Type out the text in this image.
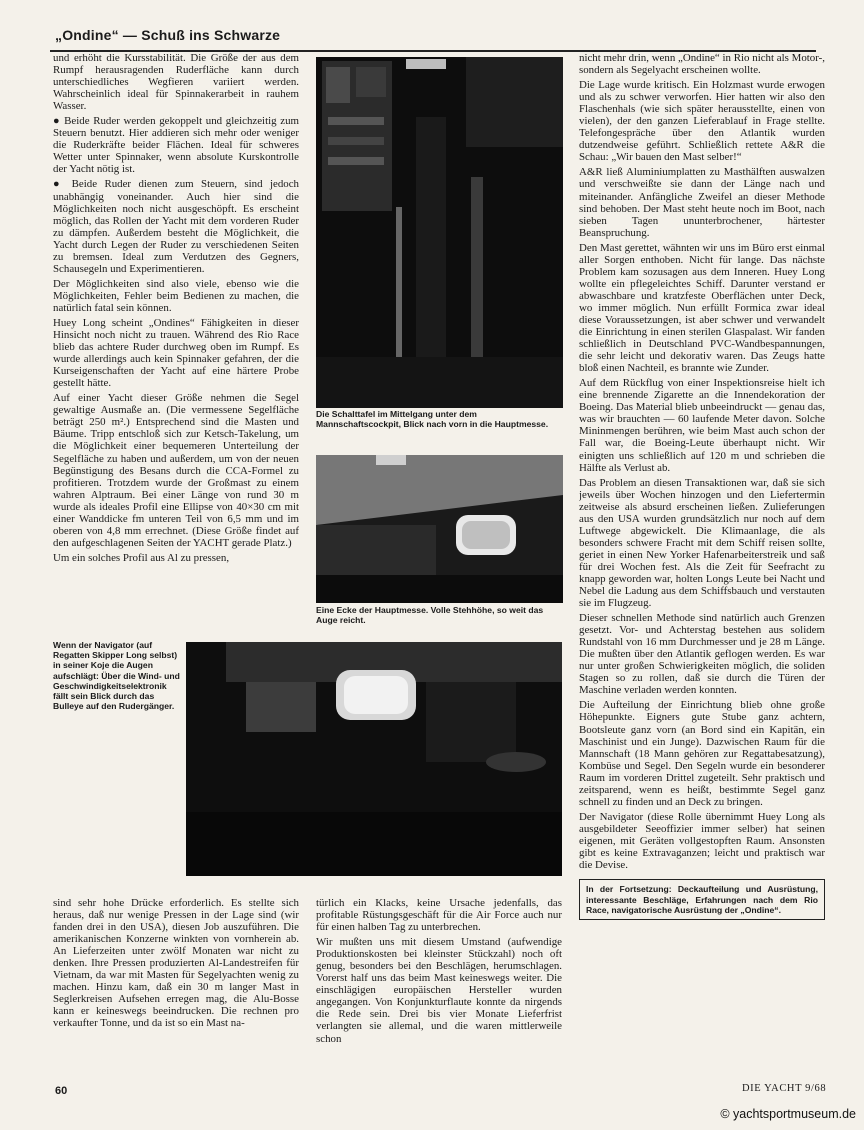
„Ondine“ — Schuß ins Schwarze

und erhöht die Kursstabilität. Die Größe der aus dem Rumpf herausragenden Ruderfläche kann durch unterschiedliches Wegfieren variiert werden. Wahrscheinlich ideal für Spinnakerarbeit in rauhem Wasser.

● Beide Ruder werden gekoppelt und gleichzeitig zum Steuern benutzt. Hier addieren sich mehr oder weniger die Ruderkräfte beider Flächen. Ideal für schweres Wetter unter Spinnaker, wenn absolute Kurskontrolle der Yacht nötig ist.

● Beide Ruder dienen zum Steuern, sind jedoch unabhängig voneinander. Auch hier sind die Möglichkeiten noch nicht ausgeschöpft. Es erscheint möglich, das Rollen der Yacht mit dem vorderen Ruder zu dämpfen. Außerdem besteht die Möglichkeit, die Yacht durch Legen der Ruder zu verschiedenen Seiten zu bremsen. Ideal zum Verdutzen des Gegners, Schausegeln und Experimentieren.

Der Möglichkeiten sind also viele, ebenso wie die Möglichkeiten, Fehler beim Bedienen zu machen, die natürlich fatal sein können.

Huey Long scheint „Ondines“ Fähigkeiten in dieser Hinsicht noch nicht zu trauen. Während des Rio Race blieb das achtere Ruder durchweg oben im Rumpf. Es wurde allerdings auch kein Spinnaker gefahren, der die Kurseigenschaften der Yacht auf eine härtere Probe gestellt hätte.

Auf einer Yacht dieser Größe nehmen die Segel gewaltige Ausmaße an. (Die vermessene Segelfläche beträgt 250 m².) Entsprechend sind die Masten und Bäume. Tripp entschloß sich zur Ketsch-Takelung, um die Möglichkeit einer bequemeren Unterteilung der Segelfläche zu haben und außerdem, um von der neuen Begünstigung des Besans durch die CCA-Formel zu profitieren. Trotzdem wurde der Großmast zu einem wahren Alptraum. Bei einer Länge von rund 30 m wurde als ideales Profil eine Ellipse von 40×30 cm mit einer Wanddicke fm unteren Teil von 6,5 mm und im oberen von 4,8 mm errechnet. (Diese Größe findet auf den aufgeschlagenen Seiten der YACHT gerade Platz.)

Um ein solches Profil aus Al zu pressen,

Die Schalttafel im Mittelgang unter dem Mannschaftscockpit, Blick nach vorn in die Hauptmesse.
Eine Ecke der Hauptmesse. Volle Stehhöhe, so weit das Auge reicht.
Wenn der Navigator (auf Regatten Skipper Long selbst) in seiner Koje die Augen aufschlägt: Über die Wind- und Geschwindigkeitselektronik fällt sein Blick durch das Bulleye auf den Rudergänger.

nicht mehr drin, wenn „Ondine“ in Rio nicht als Motor-, sondern als Segelyacht erscheinen wollte.

Die Lage wurde kritisch. Ein Holzmast wurde erwogen und als zu schwer verworfen. Hier hatten wir also den Flaschenhals (wie sich später herausstellte, einen von vielen), der den ganzen Lieferablauf in Frage stellte. Telefongespräche über den Atlantik wurden dutzendweise geführt. Schließlich rettete A&R die Schau: „Wir bauen den Mast selber!“

A&R ließ Aluminiumplatten zu Masthälften auswalzen und verschweißte sie dann der Länge nach und miteinander. Anfängliche Zweifel an dieser Methode sind behoben. Der Mast steht heute noch im Boot, nach sieben Tagen ununterbrochener, härtester Beanspruchung.

Den Mast gerettet, wähnten wir uns im Büro erst einmal aller Sorgen enthoben. Nicht für lange. Das nächste Problem kam sozusagen aus dem Inneren. Huey Long wollte ein pflegeleichtes Schiff. Darunter verstand er abwaschbare und kratzfeste Oberflächen unter Deck, wo immer möglich. Nun erfüllt Formica zwar ideal diese Voraussetzungen, ist aber schwer und verwandelt die Einrichtung in einen sterilen Glaspalast. Wir fanden schließlich in Deutschland PVC-Wandbespannungen, die sehr leicht und dekorativ waren. Das Zeugs hatte bloß einen Nachteil, es brannte wie Zunder.

Auf dem Rückflug von einer Inspektionsreise hielt ich eine brennende Zigarette an die Innendekoration der Boeing. Das Material blieb unbeeindruckt — genau das, was wir brauchten — 60 laufende Meter davon. Solche Mininmengen berühren, wie beim Mast auch schon der Fall war, die Boeing-Leute überhaupt nicht. Wir einigten uns schließlich auf 120 m und schrieben die Hälfte als Verlust ab.

Das Problem an diesen Transaktionen war, daß sie sich jeweils über Wochen hinzogen und den Liefertermin zeitweise als absurd erscheinen ließen. Zulieferungen aus den USA wurden grundsätzlich nur noch auf dem Luftwege abgewickelt. Die Klimaanlage, die als besonders schwere Fracht mit dem Schiff reisen sollte, geriet in einen New Yorker Hafenarbeiterstreik und saß für drei Wochen fest. Als die Zeit für Seefracht zu knapp geworden war, holten Longs Leute bei Nacht und Nebel die Ladung aus dem Schiffsbauch und verstauten sie im Flugzeug.

Dieser schnellen Methode sind natürlich auch Grenzen gesetzt. Vor- und Achterstag bestehen aus solidem Rundstahl von 16 mm Durchmesser und je 28 m Länge. Die mußten über den Atlantik geflogen werden. Es war nur unter großen Schwierigkeiten möglich, die soliden Stagen so zu rollen, daß sie durch die Türen der Maschine verladen werden konnten.

Die Aufteilung der Einrichtung blieb ohne große Höhepunkte. Eigners gute Stube ganz achtern, Bootsleute ganz vorn (an Bord sind ein Kapitän, ein Maschinist und ein Junge). Dazwischen Raum für die Mannschaft (18 Mann gehören zur Regattabesatzung), Kombüse und Segel. Den Segeln wurde ein besonderer Raum im vorderen Drittel zugeteilt. Sehr praktisch und zeitsparend, wenn es heißt, bestimmte Segel ganz schnell zu finden und an Deck zu bringen.

Der Navigator (diese Rolle übernimmt Huey Long als ausgebildeter Seeoffizier immer selber) hat seinen eigenen, mit Geräten vollgestopften Raum. Ansonsten gibt es keine Extravaganzen; leicht und praktisch war die Devise.

In der Fortsetzung: Deckaufteilung und Ausrüstung, interessante Beschläge, Erfahrungen nach dem Rio Race, navigatorische Ausrüstung der „Ondine“.

sind sehr hohe Drücke erforderlich. Es stellte sich heraus, daß nur wenige Pressen in der Lage sind (wir fanden drei in den USA), diesen Job auszuführen. Die amerikanischen Konzerne winkten von vornherein ab. An Lieferzeiten unter zwölf Monaten war nicht zu denken. Ihre Pressen produzierten Al-Landestreifen für Vietnam, da war mit Masten für Segelyachten wenig zu machen. Hinzu kam, daß ein 30 m langer Mast in Seglerkreisen Aufsehen erregen mag, die Alu-Bosse kann er keineswegs beeindrucken. Die rechnen pro verkaufter Tonne, und da ist so ein Mast na-

türlich ein Klacks, keine Ursache jedenfalls, das profitable Rüstungsgeschäft für die Air Force auch nur für einen halben Tag zu unterbrechen.

Wir mußten uns mit diesem Umstand (aufwendige Produktionskosten bei kleinster Stückzahl) noch oft genug, besonders bei den Beschlägen, herumschlagen. Vorerst half uns das beim Mast keineswegs weiter. Die einschlägigen europäischen Hersteller wurden angegangen. Von Konjunkturflaute konnte da nirgends die Rede sein. Drei bis vier Monate Lieferfrist verlangten sie allemal, und die waren mittlerweile schon

60	DIE YACHT 9/68
© yachtsportmuseum.de
